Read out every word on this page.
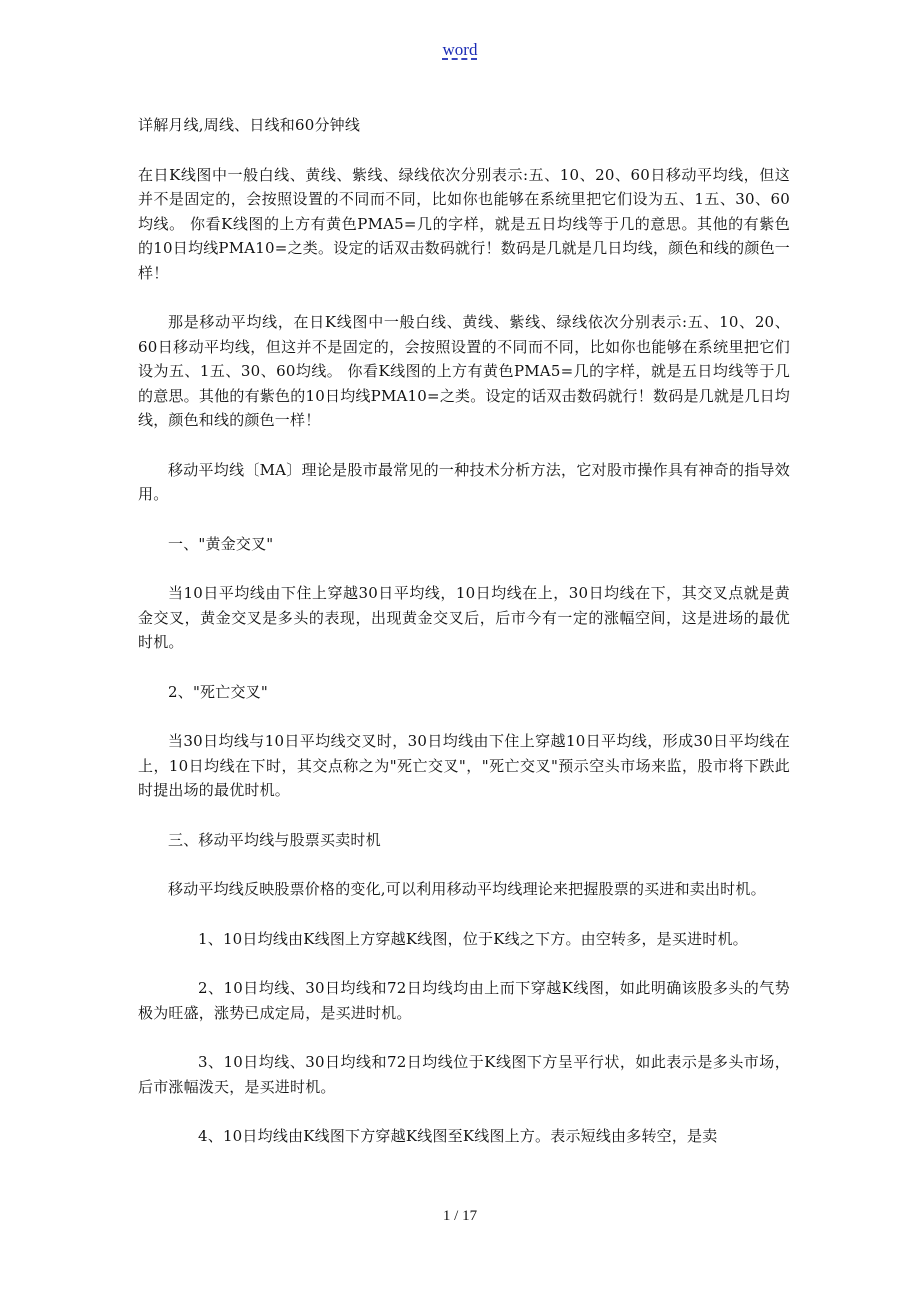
word

详解月线,周线、日线和60分钟线

在日K线图中一般白线、黄线、紫线、绿线依次分别表示:五、10、20、60日移动平均线，但这并不是固定的，会按照设置的不同而不同，比如你也能够在系统里把它们设为五、1五、30、60均线。 你看K线图的上方有黄色PMA5=几的字样，就是五日均线等于几的意思。其他的有紫色的10日均线PMA10=之类。设定的话双击数码就行！数码是几就是几日均线，颜色和线的颜色一样！

那是移动平均线，在日K线图中一般白线、黄线、紫线、绿线依次分别表示:五、10、20、60日移动平均线，但这并不是固定的，会按照设置的不同而不同，比如你也能够在系统里把它们设为五、1五、30、60均线。 你看K线图的上方有黄色PMA5=几的字样，就是五日均线等于几的意思。其他的有紫色的10日均线PMA10=之类。设定的话双击数码就行！数码是几就是几日均线，颜色和线的颜色一样！

移动平均线〔MA〕理论是股市最常见的一种技术分析方法，它对股市操作具有神奇的指导效用。

一、"黄金交叉"

当10日平均线由下住上穿越30日平均线，10日均线在上，30日均线在下，其交叉点就是黄金交叉，黄金交叉是多头的表现，出现黄金交叉后，后市今有一定的涨幅空间，这是进场的最优时机。

2、"死亡交叉"

当30日均线与10日平均线交叉时，30日均线由下住上穿越10日平均线，形成30日平均线在上，10日均线在下时，其交点称之为"死亡交叉"，"死亡交叉"预示空头市场来监，股市将下跌此时提出场的最优时机。

三、移动平均线与股票买卖时机

移动平均线反映股票价格的变化,可以利用移动平均线理论来把握股票的买进和卖出时机。

1、10日均线由K线图上方穿越K线图，位于K线之下方。由空转多，是买进时机。

2、10日均线、30日均线和72日均线均由上而下穿越K线图，如此明确该股多头的气势极为旺盛，涨势已成定局，是买进时机。

3、10日均线、30日均线和72日均线位于K线图下方呈平行状，如此表示是多头市场，后市涨幅泼天，是买进时机。

4、10日均线由K线图下方穿越K线图至K线图上方。表示短线由多转空，是卖

1 / 17
